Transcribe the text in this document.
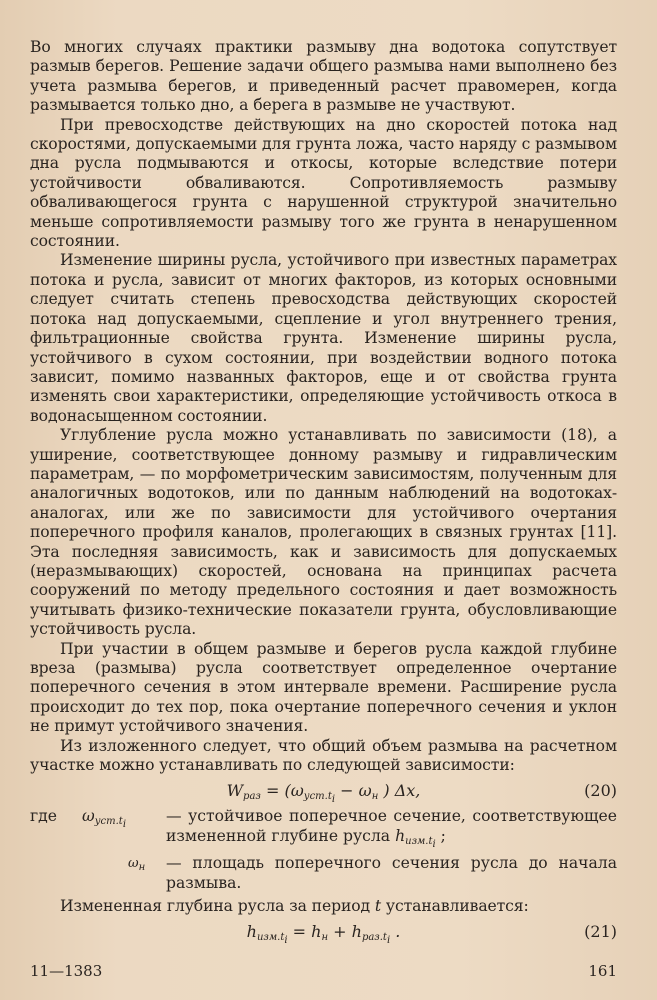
Во многих случаях практики размыву дна водотока сопутствует размыв берегов. Решение задачи общего размыва нами выполнено без учета размыва берегов, и приведенный расчет правомерен, когда размывается только дно, а берега в размыве не участвуют.

При превосходстве действующих на дно скоростей потока над скоростями, допускаемыми для грунта ложа, часто наряду с размывом дна русла подмываются и откосы, которые вследствие потери устойчивости обваливаются. Сопротивляемость размыву обваливающегося грунта с нарушенной структурой значительно меньше сопротивляемости размыву того же грунта в ненарушенном состоянии.

Изменение ширины русла, устойчивого при известных параметрах потока и русла, зависит от многих факторов, из которых основными следует считать степень превосходства действующих скоростей потока над допускаемыми, сцепление и угол внутреннего трения, фильтрационные свойства грунта. Изменение ширины русла, устойчивого в сухом состоянии, при воздействии водного потока зависит, помимо названных факторов, еще и от свойства грунта изменять свои характеристики, определяющие устойчивость откоса в водонасыщенном состоянии.

Углубление русла можно устанавливать по зависимости (18), а уширение, соответствующее донному размыву и гидравлическим параметрам, — по морфометрическим зависимостям, полученным для аналогичных водотоков, или по данным наблюдений на водотоках-аналогах, или же по зависимости для устойчивого очертания поперечного профиля каналов, пролегающих в связных грунтах [11]. Эта последняя зависимость, как и зависимость для допускаемых (неразмывающих) скоростей, основана на принципах расчета сооружений по методу предельного состояния и дает возможность учитывать физико-технические показатели грунта, обусловливающие устойчивость русла.

При участии в общем размыве и берегов русла каждой глубине вреза (размыва) русла соответствует определенное очертание поперечного сечения в этом интервале времени. Расширение русла происходит до тех пор, пока очертание поперечного сечения и уклон не примут устойчивого значения.

Из изложенного следует, что общий объем размыва на расчетном участке можно устанавливать по следующей зависимости:

$W_{раз} = (\omega_{уст.t_i} - \omega_н$ ) Δx,	(20)
где $\omega_{уст.t_i}$	— устойчивое поперечное сечение, соответствующее измененной глубине русла $h_{изм.t_i}$ ;
$\omega_н$ — площадь поперечного сечения русла до начала размыва.

Измененная глубина русла за период t устанавливается:

$h_{изм.t_i} = h_н + h_{раз.t_i}$ .	(21)
11—1383	161
